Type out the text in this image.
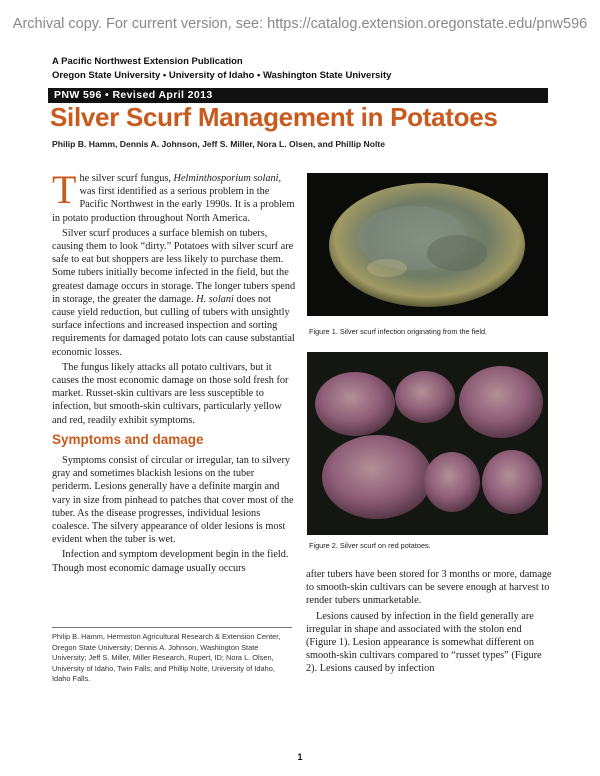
Archival copy. For current version, see: https://catalog.extension.oregonstate.edu/pnw596
A Pacific Northwest Extension Publication
Oregon State University • University of Idaho • Washington State University
PNW 596 • Revised April 2013
Silver Scurf Management in Potatoes
Philip B. Hamm, Dennis A. Johnson, Jeff S. Miller, Nora L. Olsen, and Phillip Nolte

The silver scurf fungus, Helminthosporium solani, was first identified as a serious problem in the Pacific Northwest in the early 1990s. It is a problem in potato production throughout North America.

Silver scurf produces a surface blemish on tubers, causing them to look “dirty.” Potatoes with silver scurf are safe to eat but shoppers are less likely to purchase them. Some tubers initially become infected in the field, but the greatest damage occurs in storage. The longer tubers spend in storage, the greater the damage. H. solani does not cause yield reduction, but culling of tubers with unsightly surface infections and increased inspection and sorting requirements for damaged potato lots can cause substantial economic losses.

The fungus likely attacks all potato cultivars, but it causes the most economic damage on those sold fresh for market. Russet-skin cultivars are less susceptible to infection, but smooth-skin cultivars, particularly yellow and red, readily exhibit symptoms.

Symptoms and damage

Symptoms consist of circular or irregular, tan to silvery gray and sometimes blackish lesions on the tuber periderm. Lesions generally have a definite margin and vary in size from pinhead to patches that cover most of the tuber. As the disease progresses, individual lesions coalesce. The silvery appearance of older lesions is most evident when the tuber is wet.

Infection and symptom development begin in the field. Though most economic damage usually occurs

Philip B. Hamm, Hermiston Agricultural Research & Extension Center, Oregon State University; Dennis A. Johnson, Washington State University; Jeff S. Miller, Miller Research, Rupert, ID; Nora L. Olsen, University of Idaho, Twin Falls; and Phillip Nolte, University of Idaho, Idaho Falls.
Figure 1. Silver scurf infection originating from the field.
Figure 2. Silver scurf on red potatoes.

after tubers have been stored for 3 months or more, damage to smooth-skin cultivars can be severe enough at harvest to render tubers unmarketable.

Lesions caused by infection in the field generally are irregular in shape and associated with the stolon end (Figure 1). Lesion appearance is somewhat different on smooth-skin cultivars compared to “russet types” (Figure 2). Lesions caused by infection

1
